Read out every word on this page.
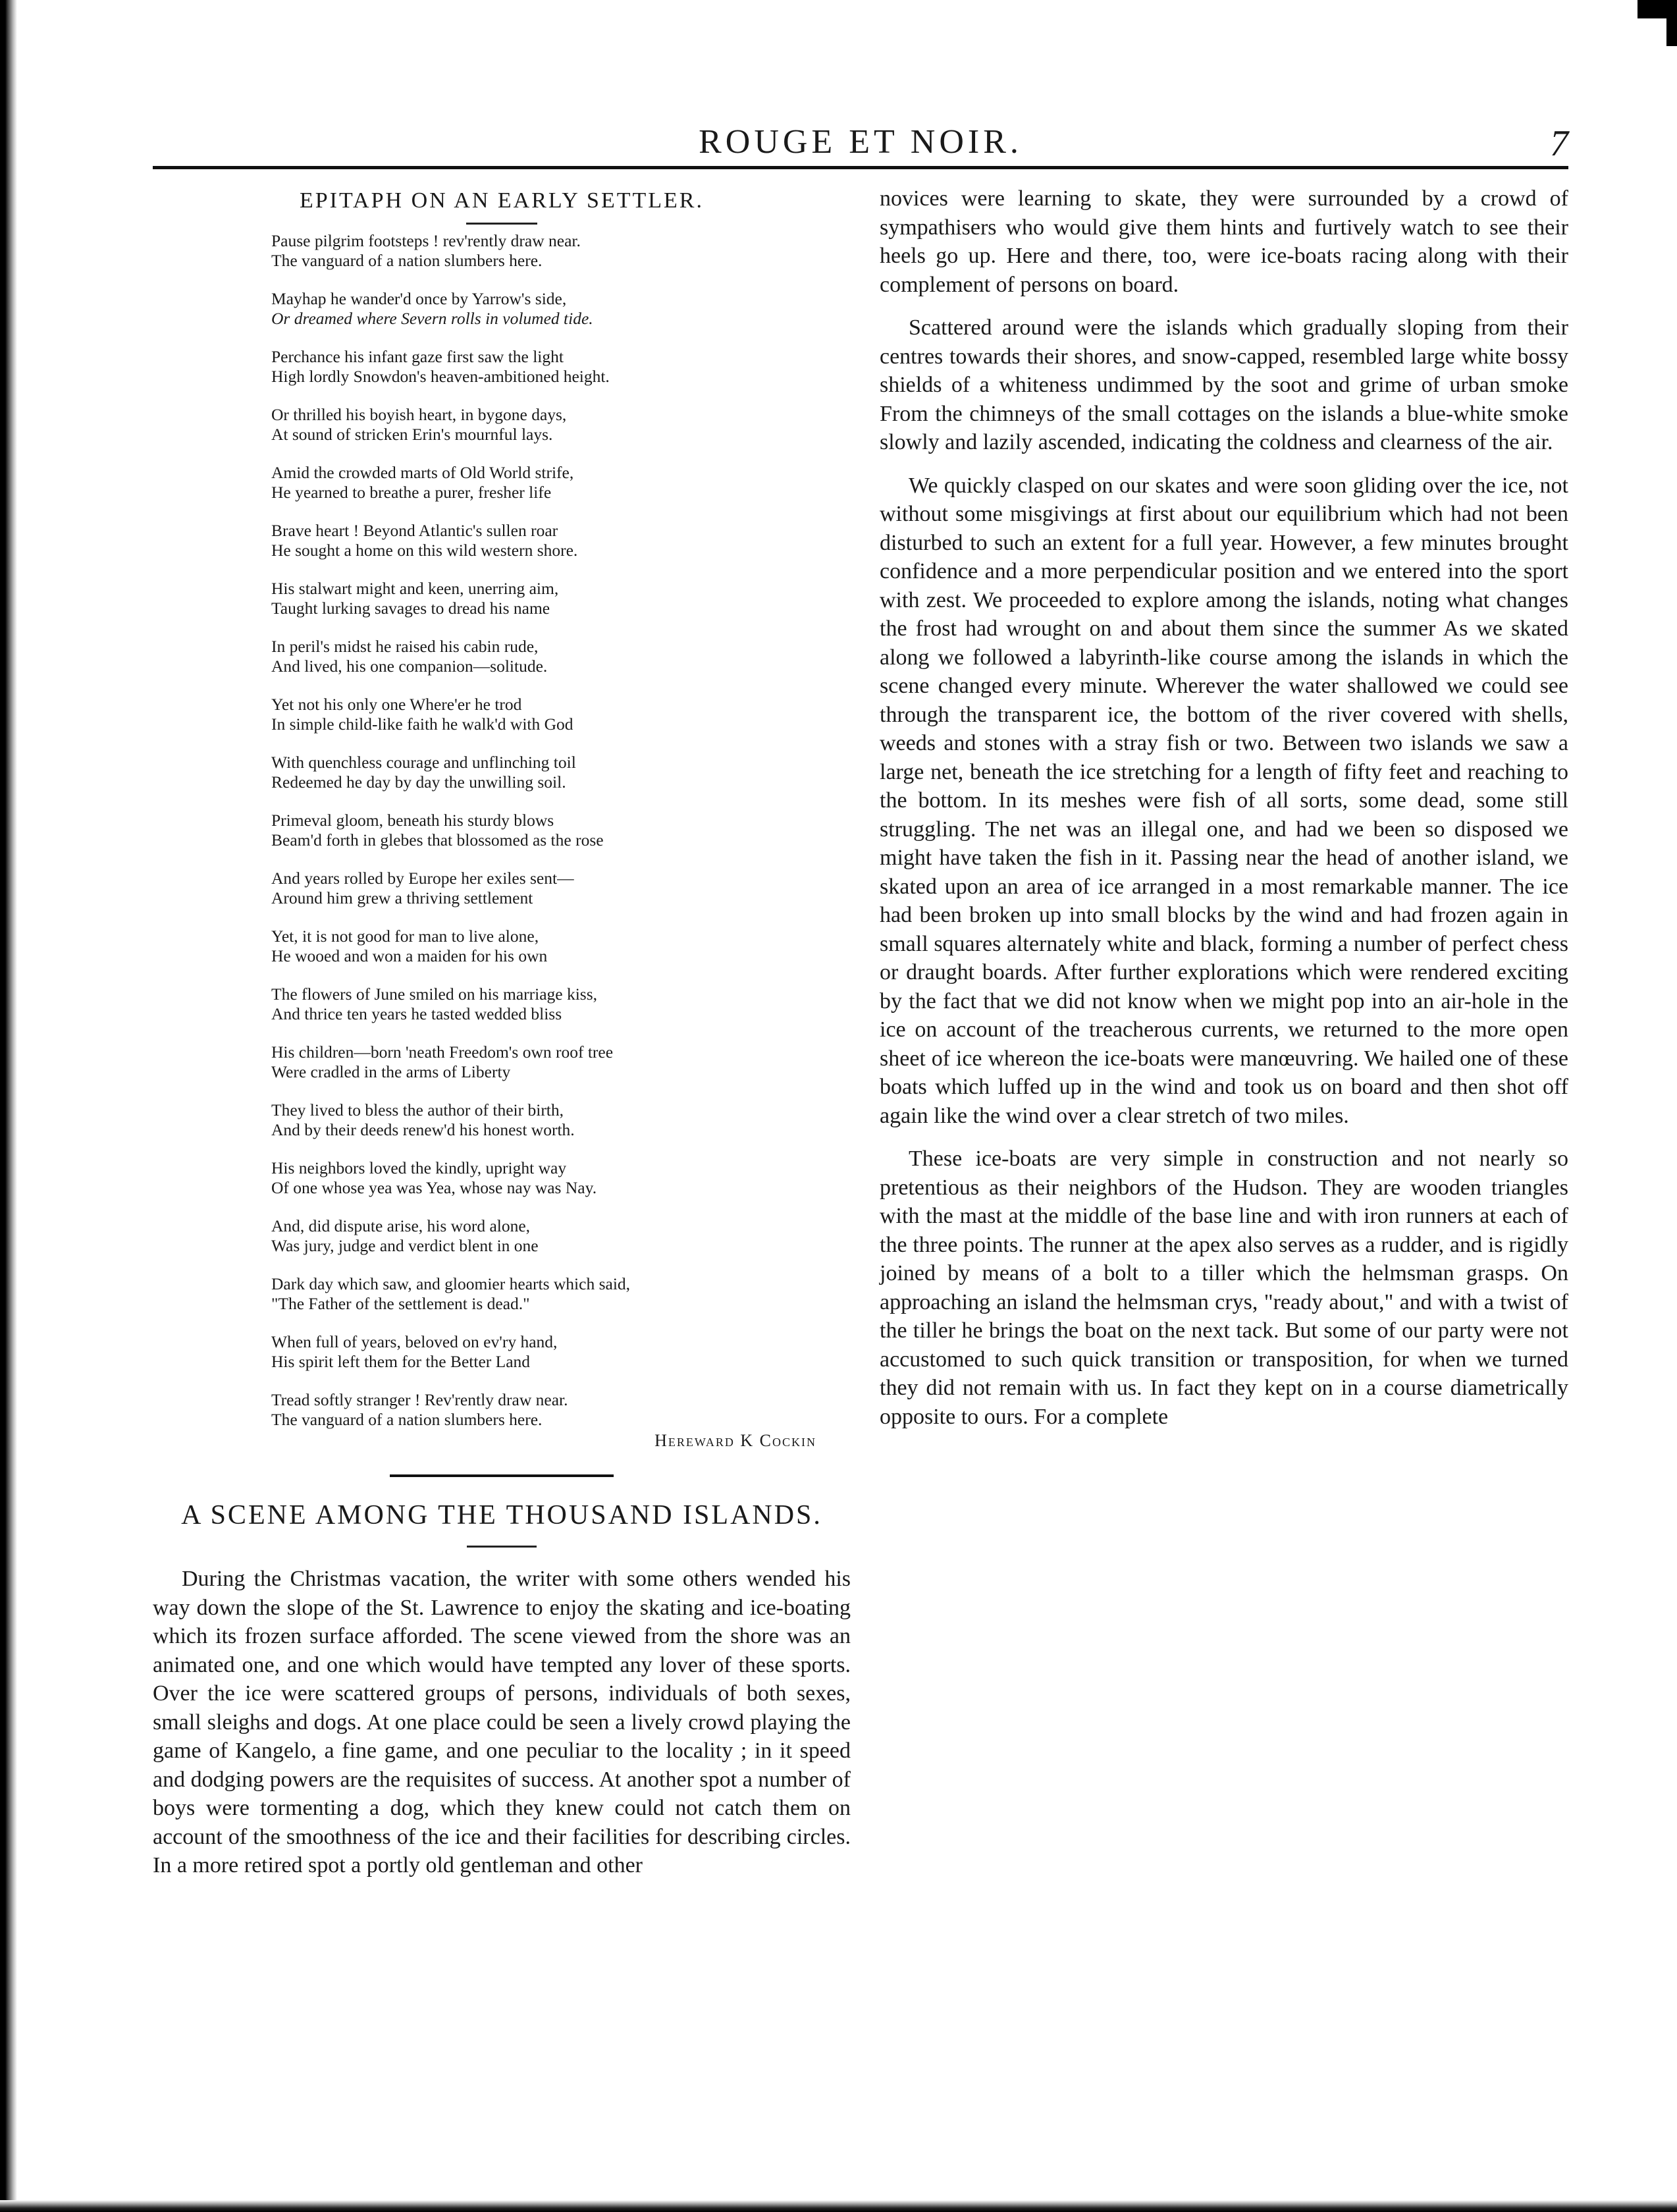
ROUGE ET NOIR.	7
EPITAPH ON AN EARLY SETTLER.
Pause pilgrim footsteps ! rev'rently draw near.
The vanguard of a nation slumbers here.
Mayhap he wander'd once by Yarrow's side,
Or dreamed where Severn rolls in volumed tide.
Perchance his infant gaze first saw the light
High lordly Snowdon's heaven-ambitioned height.
Or thrilled his boyish heart, in bygone days,
At sound of stricken Erin's mournful lays.
Amid the crowded marts of Old World strife,
He yearned to breathe a purer, fresher life
Brave heart ! Beyond Atlantic's sullen roar
He sought a home on this wild western shore.
His stalwart might and keen, unerring aim,
Taught lurking savages to dread his name
In peril's midst he raised his cabin rude,
And lived, his one companion—solitude.
Yet not his only one Where'er he trod
In simple child-like faith he walk'd with God
With quenchless courage and unflinching toil
Redeemed he day by day the unwilling soil.
Primeval gloom, beneath his sturdy blows
Beam'd forth in glebes that blossomed as the rose
And years rolled by Europe her exiles sent—
Around him grew a thriving settlement
Yet, it is not good for man to live alone,
He wooed and won a maiden for his own
The flowers of June smiled on his marriage kiss,
And thrice ten years he tasted wedded bliss
His children—born 'neath Freedom's own roof tree
Were cradled in the arms of Liberty
They lived to bless the author of their birth,
And by their deeds renew'd his honest worth.
His neighbors loved the kindly, upright way
Of one whose yea was Yea, whose nay was Nay.
And, did dispute arise, his word alone,
Was jury, judge and verdict blent in one
Dark day which saw, and gloomier hearts which said,
"The Father of the settlement is dead."
When full of years, beloved on ev'ry hand,
His spirit left them for the Better Land
Tread softly stranger ! Rev'rently draw near.
The vanguard of a nation slumbers here.
Hereward K Cockin
A SCENE AMONG THE THOUSAND ISLANDS.

During the Christmas vacation, the writer with some others wended his way down the slope of the St. Lawrence to enjoy the skating and ice-boating which its frozen surface afforded. The scene viewed from the shore was an animated one, and one which would have tempted any lover of these sports. Over the ice were scattered groups of persons, individuals of both sexes, small sleighs and dogs. At one place could be seen a lively crowd playing the game of Kangelo, a fine game, and one peculiar to the locality ; in it speed and dodging powers are the requisites of success. At another spot a number of boys were tormenting a dog, which they knew could not catch them on account of the smoothness of the ice and their facilities for describing circles. In a more retired spot a portly old gentleman and other

novices were learning to skate, they were surrounded by a crowd of sympathisers who would give them hints and furtively watch to see their heels go up. Here and there, too, were ice-boats racing along with their complement of persons on board.

Scattered around were the islands which gradually sloping from their centres towards their shores, and snow-capped, resembled large white bossy shields of a whiteness undimmed by the soot and grime of urban smoke From the chimneys of the small cottages on the islands a blue-white smoke slowly and lazily ascended, indicating the coldness and clearness of the air.

We quickly clasped on our skates and were soon gliding over the ice, not without some misgivings at first about our equilibrium which had not been disturbed to such an extent for a full year. However, a few minutes brought confidence and a more perpendicular position and we entered into the sport with zest. We proceeded to explore among the islands, noting what changes the frost had wrought on and about them since the summer As we skated along we followed a labyrinth-like course among the islands in which the scene changed every minute. Wherever the water shallowed we could see through the transparent ice, the bottom of the river covered with shells, weeds and stones with a stray fish or two. Between two islands we saw a large net, beneath the ice stretching for a length of fifty feet and reaching to the bottom. In its meshes were fish of all sorts, some dead, some still struggling. The net was an illegal one, and had we been so disposed we might have taken the fish in it. Passing near the head of another island, we skated upon an area of ice arranged in a most remarkable manner. The ice had been broken up into small blocks by the wind and had frozen again in small squares alternately white and black, forming a number of perfect chess or draught boards. After further explorations which were rendered exciting by the fact that we did not know when we might pop into an air-hole in the ice on account of the treacherous currents, we returned to the more open sheet of ice whereon the ice-boats were manœuvring. We hailed one of these boats which luffed up in the wind and took us on board and then shot off again like the wind over a clear stretch of two miles.

These ice-boats are very simple in construction and not nearly so pretentious as their neighbors of the Hudson. They are wooden triangles with the mast at the middle of the base line and with iron runners at each of the three points. The runner at the apex also serves as a rudder, and is rigidly joined by means of a bolt to a tiller which the helmsman grasps. On approaching an island the helmsman crys, "ready about," and with a twist of the tiller he brings the boat on the next tack. But some of our party were not accustomed to such quick transition or transposition, for when we turned they did not remain with us. In fact they kept on in a course diametrically opposite to ours. For a complete
